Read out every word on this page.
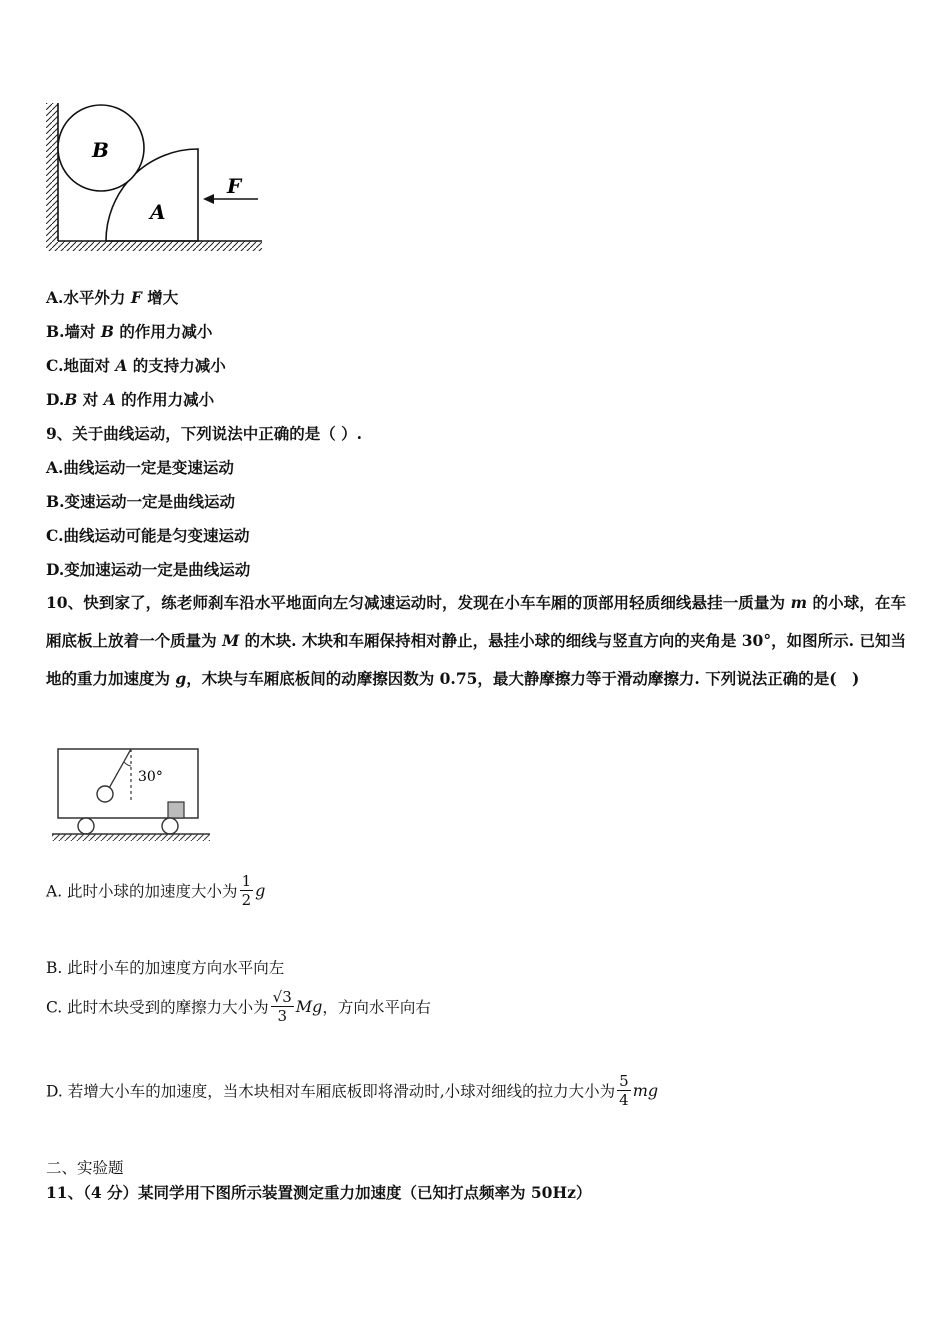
B
A
F
A.水平外力 F 增大
B.墙对 B 的作用力减小
C.地面对 A 的支持力减小
D.B 对 A 的作用力减小
9、关于曲线运动，下列说法中正确的是（ ）.
A.曲线运动一定是变速运动
B.变速运动一定是曲线运动
C.曲线运动可能是匀变速运动
D.变加速运动一定是曲线运动
10、快到家了，练老师刹车沿水平地面向左匀减速运动时，发现在小车车厢的顶部用轻质细线悬挂一质量为 m 的小球，在车厢底板上放着一个质量为 M 的木块. 木块和车厢保持相对静止，悬挂小球的细线与竖直方向的夹角是 30°，如图所示. 已知当地的重力加速度为 g，木块与车厢底板间的动摩擦因数为 0.75，最大静摩擦力等于滑动摩擦力. 下列说法正确的是(　)
30°
A. 此时小球的加速度大小为 $\frac{1}{2}$ g
B. 此时小车的加速度方向水平向左
C. 此时木块受到的摩擦力大小为 $\frac{√3}{3}$ Mg，方向水平向右
D. 若增大小车的加速度，当木块相对车厢底板即将滑动时,小球对细线的拉力大小为 $\frac{5}{4}$ mg
二、实验题
11、（4 分）某同学用下图所示装置测定重力加速度（已知打点频率为 50Hz）
